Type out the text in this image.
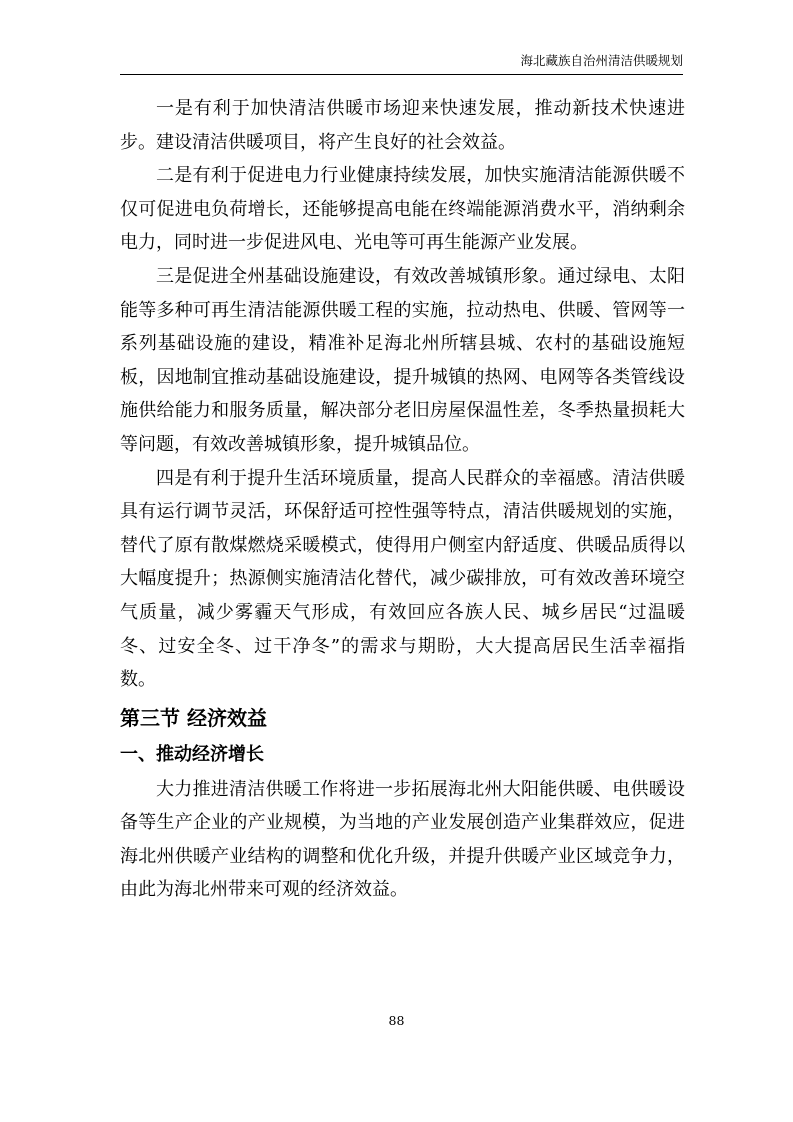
海北藏族自治州清洁供暖规划

一是有利于加快清洁供暖市场迎来快速发展，推动新技术快速进步。建设清洁供暖项目，将产生良好的社会效益。

二是有利于促进电力行业健康持续发展，加快实施清洁能源供暖不仅可促进电负荷增长，还能够提高电能在终端能源消费水平，消纳剩余电力，同时进一步促进风电、光电等可再生能源产业发展。

三是促进全州基础设施建设，有效改善城镇形象。通过绿电、太阳能等多种可再生清洁能源供暖工程的实施，拉动热电、供暖、管网等一系列基础设施的建设，精准补足海北州所辖县城、农村的基础设施短板，因地制宜推动基础设施建设，提升城镇的热网、电网等各类管线设施供给能力和服务质量，解决部分老旧房屋保温性差，冬季热量损耗大等问题，有效改善城镇形象，提升城镇品位。

四是有利于提升生活环境质量，提高人民群众的幸福感。清洁供暖具有运行调节灵活，环保舒适可控性强等特点，清洁供暖规划的实施，替代了原有散煤燃烧采暖模式，使得用户侧室内舒适度、供暖品质得以大幅度提升；热源侧实施清洁化替代，减少碳排放，可有效改善环境空气质量，减少雾霾天气形成，有效回应各族人民、城乡居民“过温暖冬、过安全冬、过干净冬”的需求与期盼，大大提高居民生活幸福指数。

第三节 经济效益
一、推动经济增长

大力推进清洁供暖工作将进一步拓展海北州大阳能供暖、电供暖设备等生产企业的产业规模，为当地的产业发展创造产业集群效应，促进海北州供暖产业结构的调整和优化升级，并提升供暖产业区域竞争力，由此为海北州带来可观的经济效益。

88
